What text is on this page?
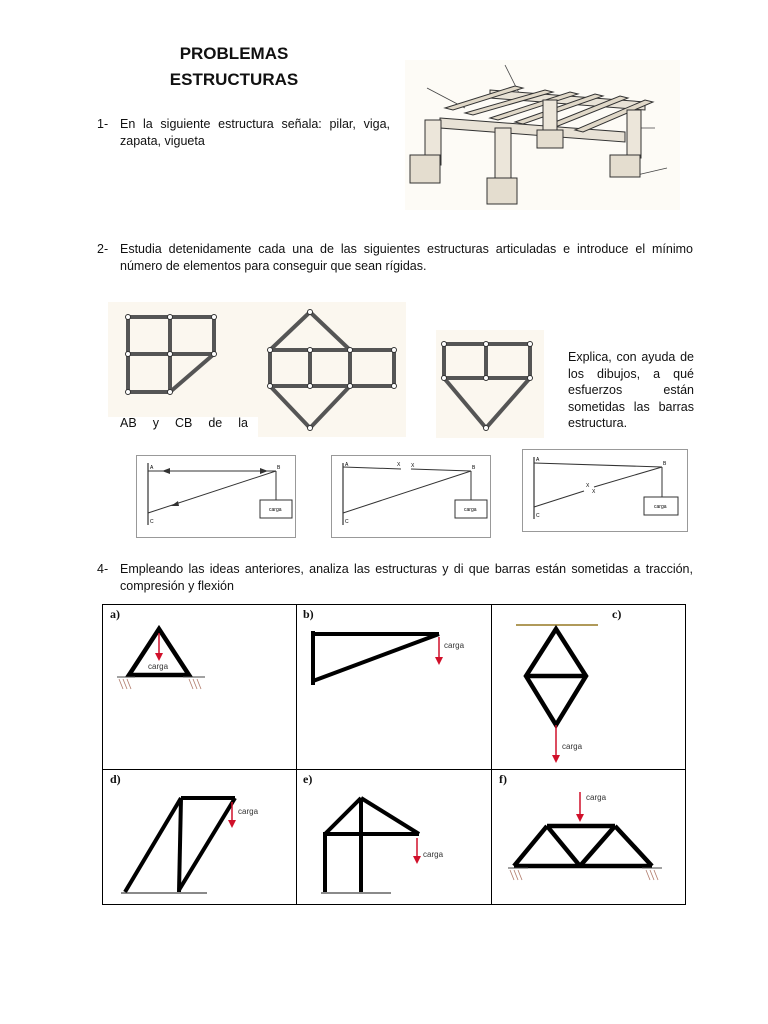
PROBLEMAS
ESTRUCTURAS
1- En la siguiente estructura señala: pilar, viga, zapata, vigueta
2- Estudia detenidamente cada una de las siguientes estructuras articuladas e introduce el mínimo número de elementos para conseguir que sean rígidas.
Explica, con ayuda de
los dibujos, a qué
esfuerzos están
sometidas las barras
estructura.
AB y CB de la
A	B
C
carga
A	X X	B
C
carga
A
B
C
X
X
carga
4- Empleando las ideas anteriores, analiza las estructuras y di que barras están sometidas a tracción, compresión y flexión
a)
carga
b)
carga
c)
carga
d)
carga
e)
carga
f)
carga
